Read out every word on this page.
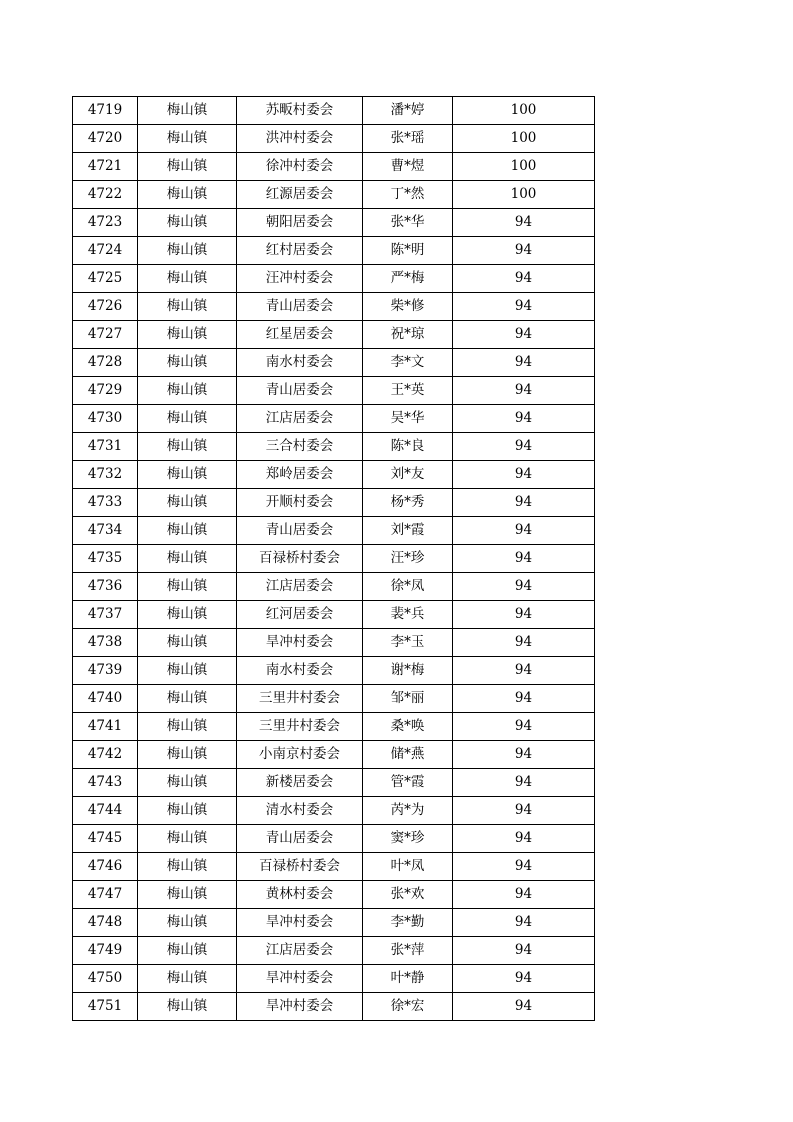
4719	梅山镇	苏畈村委会	潘*婷	100
4720	梅山镇	洪冲村委会	张*瑶	100
4721	梅山镇	徐冲村委会	曹*煜	100
4722	梅山镇	红源居委会	丁*然	100
4723	梅山镇	朝阳居委会	张*华	94
4724	梅山镇	红村居委会	陈*明	94
4725	梅山镇	汪冲村委会	严*梅	94
4726	梅山镇	青山居委会	柴*修	94
4727	梅山镇	红星居委会	祝*琼	94
4728	梅山镇	南水村委会	李*文	94
4729	梅山镇	青山居委会	王*英	94
4730	梅山镇	江店居委会	吴*华	94
4731	梅山镇	三合村委会	陈*良	94
4732	梅山镇	郑岭居委会	刘*友	94
4733	梅山镇	开顺村委会	杨*秀	94
4734	梅山镇	青山居委会	刘*霞	94
4735	梅山镇	百禄桥村委会	汪*珍	94
4736	梅山镇	江店居委会	徐*凤	94
4737	梅山镇	红河居委会	裴*兵	94
4738	梅山镇	旱冲村委会	李*玉	94
4739	梅山镇	南水村委会	谢*梅	94
4740	梅山镇	三里井村委会	邹*丽	94
4741	梅山镇	三里井村委会	桑*唤	94
4742	梅山镇	小南京村委会	储*燕	94
4743	梅山镇	新楼居委会	管*霞	94
4744	梅山镇	清水村委会	芮*为	94
4745	梅山镇	青山居委会	窦*珍	94
4746	梅山镇	百禄桥村委会	叶*凤	94
4747	梅山镇	黄林村委会	张*欢	94
4748	梅山镇	旱冲村委会	李*勤	94
4749	梅山镇	江店居委会	张*萍	94
4750	梅山镇	旱冲村委会	叶*静	94
4751	梅山镇	旱冲村委会	徐*宏	94
